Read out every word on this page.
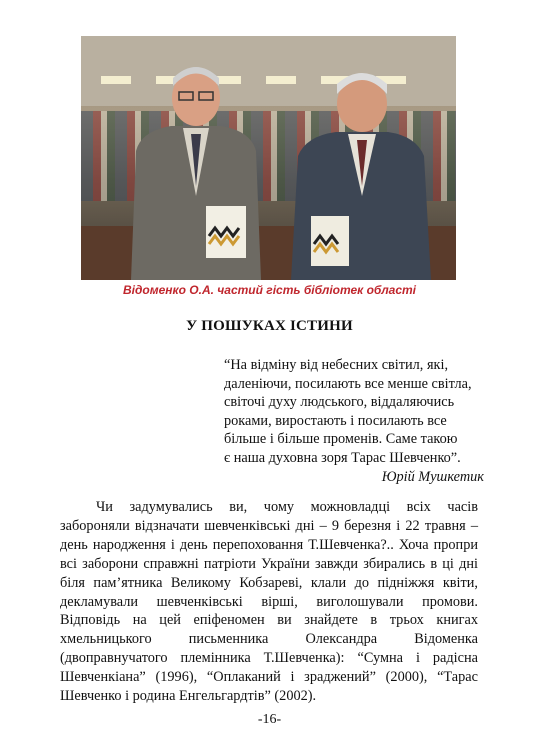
Відоменко О.А. частий гість бібліотек області
У ПОШУКАХ ІСТИНИ
“На відміну від небесних світил, які,
даленіючи, посилають все менше світла,
світочі духу людського, віддаляючись
роками, виростають і посилають все
більше і більше променів. Саме такою
є наша духовна зоря Тарас Шевченко”.
Юрій Мушкетик
Чи задумувались ви, чому можновладці всіх часів
забороняли відзначати шевченківські дні – 9 березня і 22 травня –
день народження і день перепоховання Т.Шевченка?.. Хоча пропри
всі заборони справжні патріоти України завжди збирались в ці дні
біля пам’ятника Великому Кобзареві, клали до підніжжя квіти,
декламували шевченківські вірші, виголошували промови.
Відповідь на цей епіфеномен ви знайдете в трьох книгах
хмельницького письменника Олександра Відоменка
(двоправнучатого племінника Т.Шевченка): “Сумна і радісна
Шевченкіана” (1996), “Оплаканий і зраджений” (2000), “Тарас
Шевченко і родина Енгельгардтів” (2002).
-16-
